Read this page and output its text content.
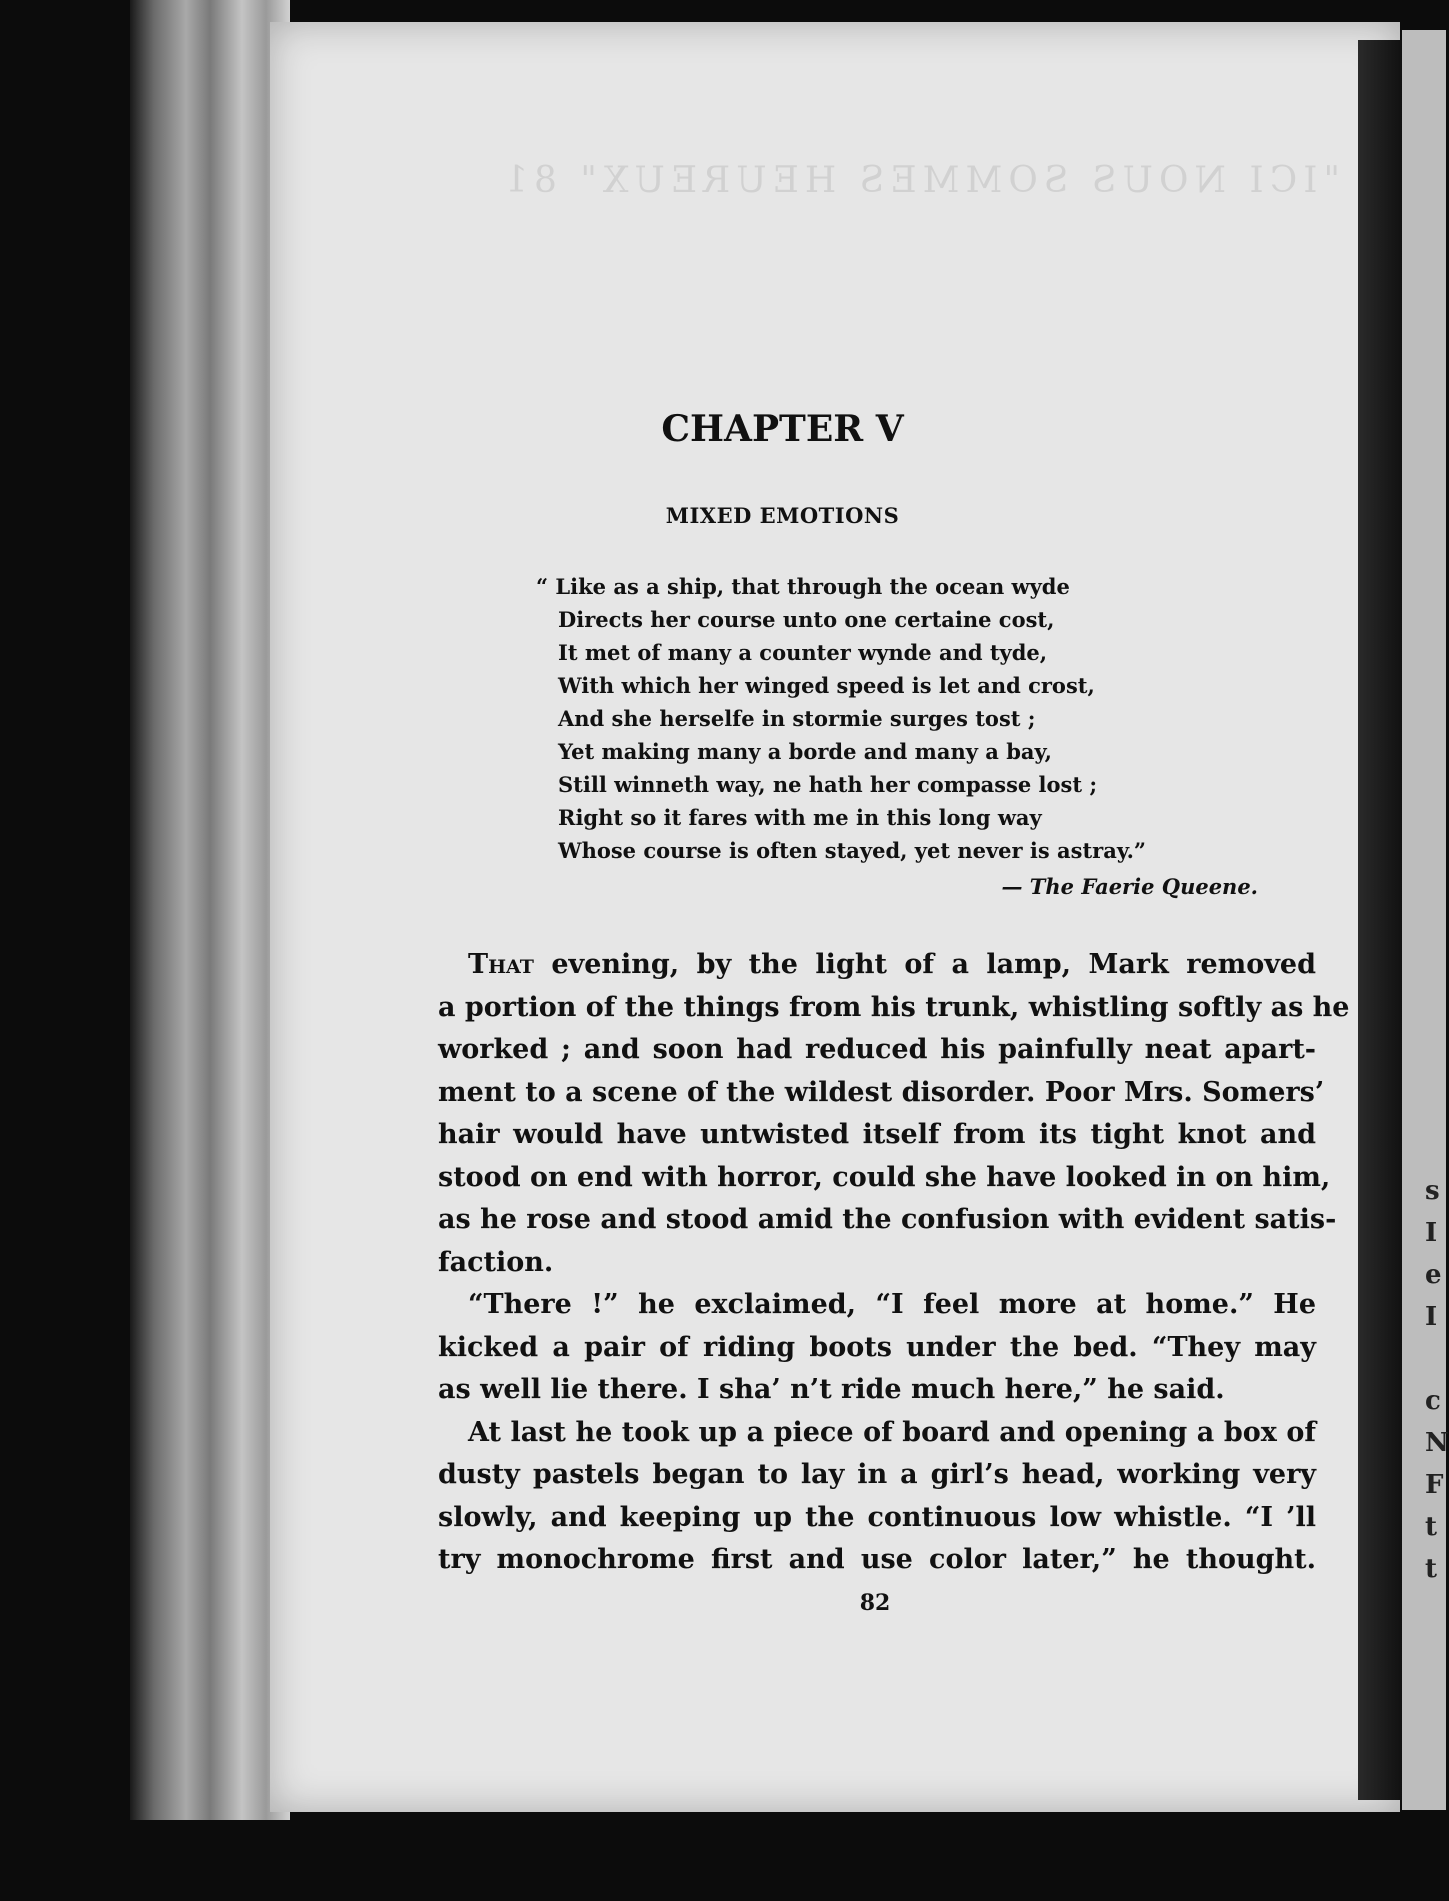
"ICI NOUS SOMMES HEUREUX" 81
CHAPTER V
MIXED EMOTIONS
“ Like as a ship, that through the ocean wyde
Directs her course unto one certaine cost,
It met of many a counter wynde and tyde,
With which her winged speed is let and crost,
And she herselfe in stormie surges tost ;
Yet making many a borde and many a bay,
Still winneth way, ne hath her compasse lost ;
Right so it fares with me in this long way
Whose course is often stayed, yet never is astray.”
— The Faerie Queene.
That evening, by the light of a lamp, Mark removed
a portion of the things from his trunk, whistling softly as he
worked ; and soon had reduced his painfully neat apart-
ment to a scene of the wildest disorder. Poor Mrs. Somers’
hair would have untwisted itself from its tight knot and
stood on end with horror, could she have looked in on him,
as he rose and stood amid the confusion with evident satis-
faction.
“There !” he exclaimed, “I feel more at home.” He
kicked a pair of riding boots under the bed. “They may
as well lie there. I sha’ n’t ride much here,” he said.
At last he took up a piece of board and opening a box of
dusty pastels began to lay in a girl’s head, working very
slowly, and keeping up the continuous low whistle. “I ’ll
try monochrome first and use color later,” he thought.
82
s
I
e
I
c
N
F
t
t
